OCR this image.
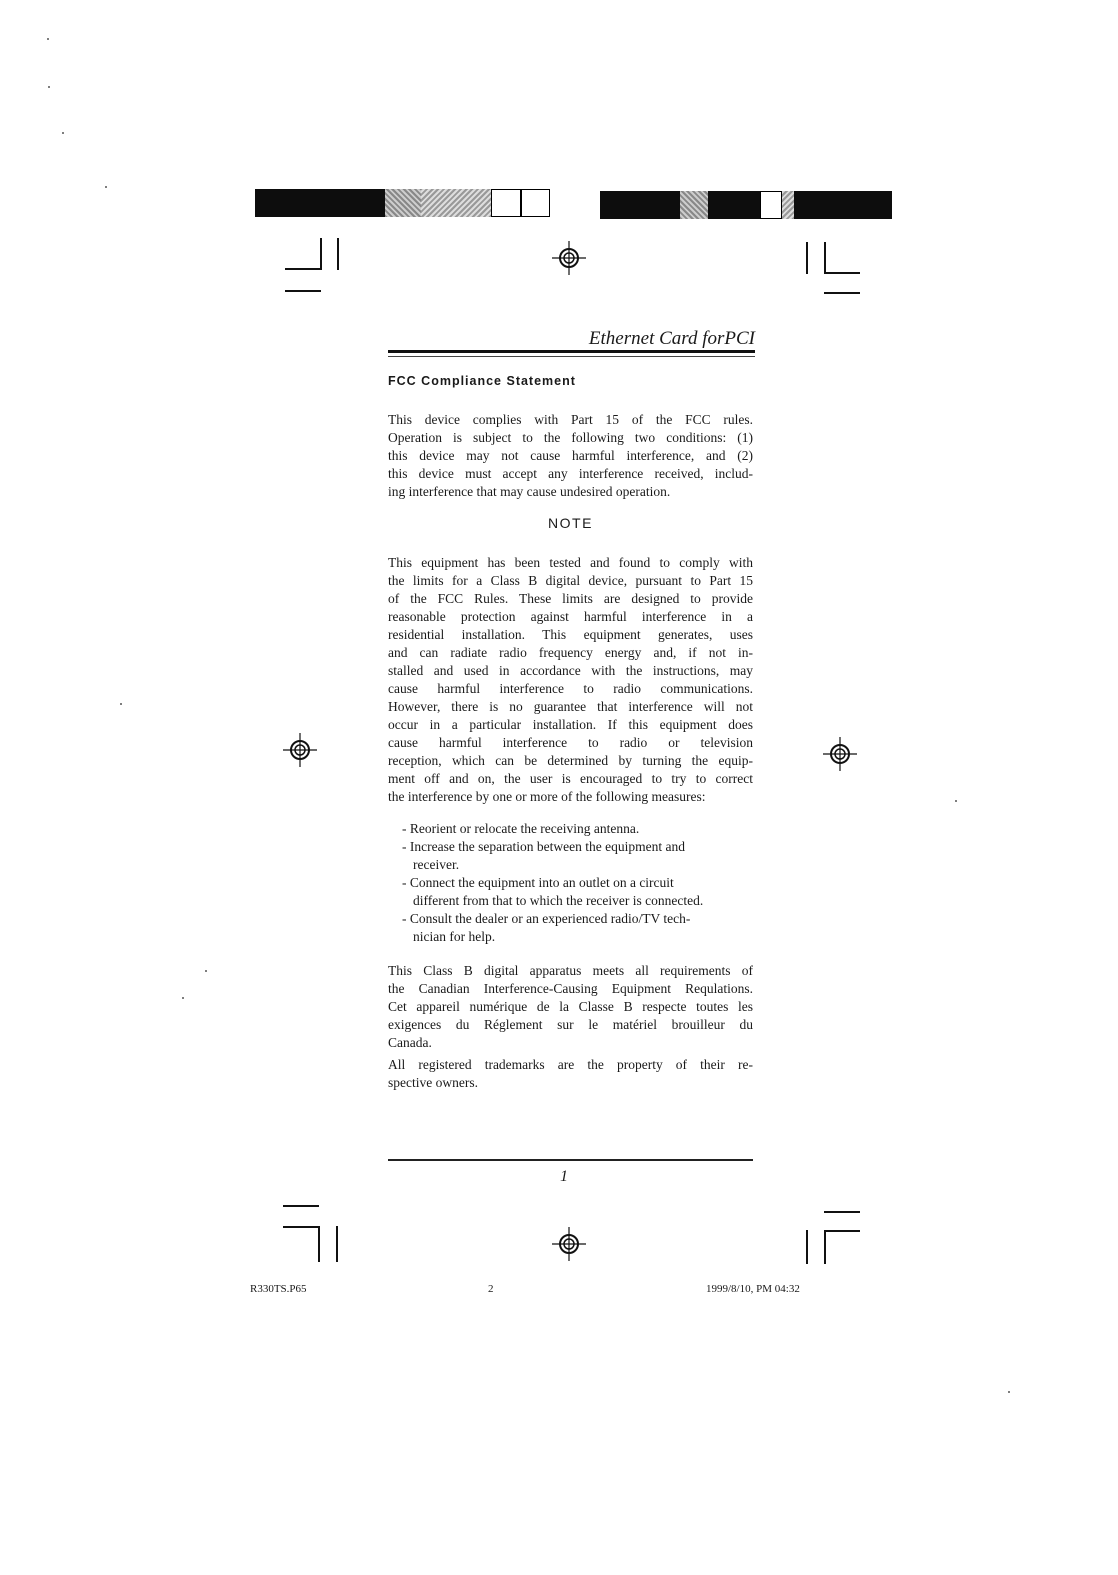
Ethernet Card forPCI
FCC Compliance Statement
This device complies with Part 15 of the FCC rules.
Operation is subject to the following two conditions: (1)
this device may not cause harmful interference, and (2)
this device must accept any interference received, includ-
ing interference that may cause undesired operation.
NOTE
This equipment has been tested and found to comply with
the limits for a Class B digital device, pursuant to Part 15
of the FCC Rules. These limits are designed to provide
reasonable protection against harmful interference in a
residential installation. This equipment generates, uses
and can radiate radio frequency energy and, if not in-
stalled and used in accordance with the instructions, may
cause harmful interference to radio communications.
However, there is no guarantee that interference will not
occur in a particular installation. If this equipment does
cause harmful interference to radio or television
reception, which can be determined by turning the equip-
ment off and on, the user is encouraged to try to correct
the interference by one or more of the following measures:
- Reorient or relocate the receiving antenna.
- Increase the separation between the equipment and
receiver.
- Connect the equipment into an outlet on a circuit
different from that to which the receiver is connected.
- Consult the dealer or an experienced radio/TV tech-
nician for help.
This Class B digital apparatus meets all requirements of
the Canadian Interference-Causing Equipment Requlations.
Cet appareil numérique de la Classe B respecte toutes les
exigences du Réglement sur le matériel brouilleur du
Canada.
All registered trademarks are the property of their re-
spective owners.
1
R330TS.P65	2	1999/8/10, PM 04:32
